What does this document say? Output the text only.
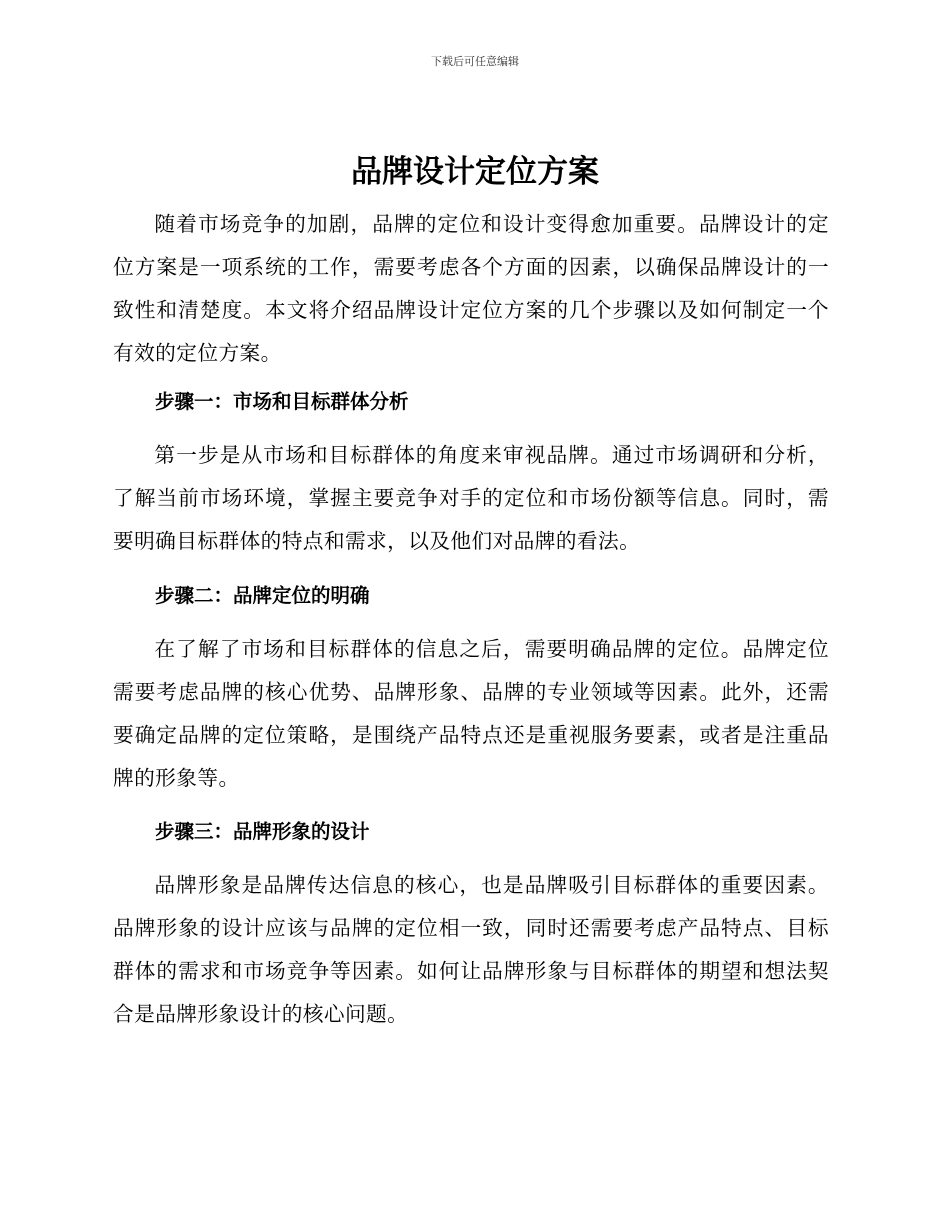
下载后可任意编辑
品牌设计定位方案

随着市场竞争的加剧，品牌的定位和设计变得愈加重要。品牌设计的定位方案是一项系统的工作，需要考虑各个方面的因素，以确保品牌设计的一致性和清楚度。本文将介绍品牌设计定位方案的几个步骤以及如何制定一个有效的定位方案。

步骤一：市场和目标群体分析

第一步是从市场和目标群体的角度来审视品牌。通过市场调研和分析，了解当前市场环境，掌握主要竞争对手的定位和市场份额等信息。同时，需要明确目标群体的特点和需求，以及他们对品牌的看法。

步骤二：品牌定位的明确

在了解了市场和目标群体的信息之后，需要明确品牌的定位。品牌定位需要考虑品牌的核心优势、品牌形象、品牌的专业领域等因素。此外，还需要确定品牌的定位策略，是围绕产品特点还是重视服务要素，或者是注重品牌的形象等。

步骤三：品牌形象的设计

品牌形象是品牌传达信息的核心，也是品牌吸引目标群体的重要因素。品牌形象的设计应该与品牌的定位相一致，同时还需要考虑产品特点、目标群体的需求和市场竞争等因素。如何让品牌形象与目标群体的期望和想法契合是品牌形象设计的核心问题。
